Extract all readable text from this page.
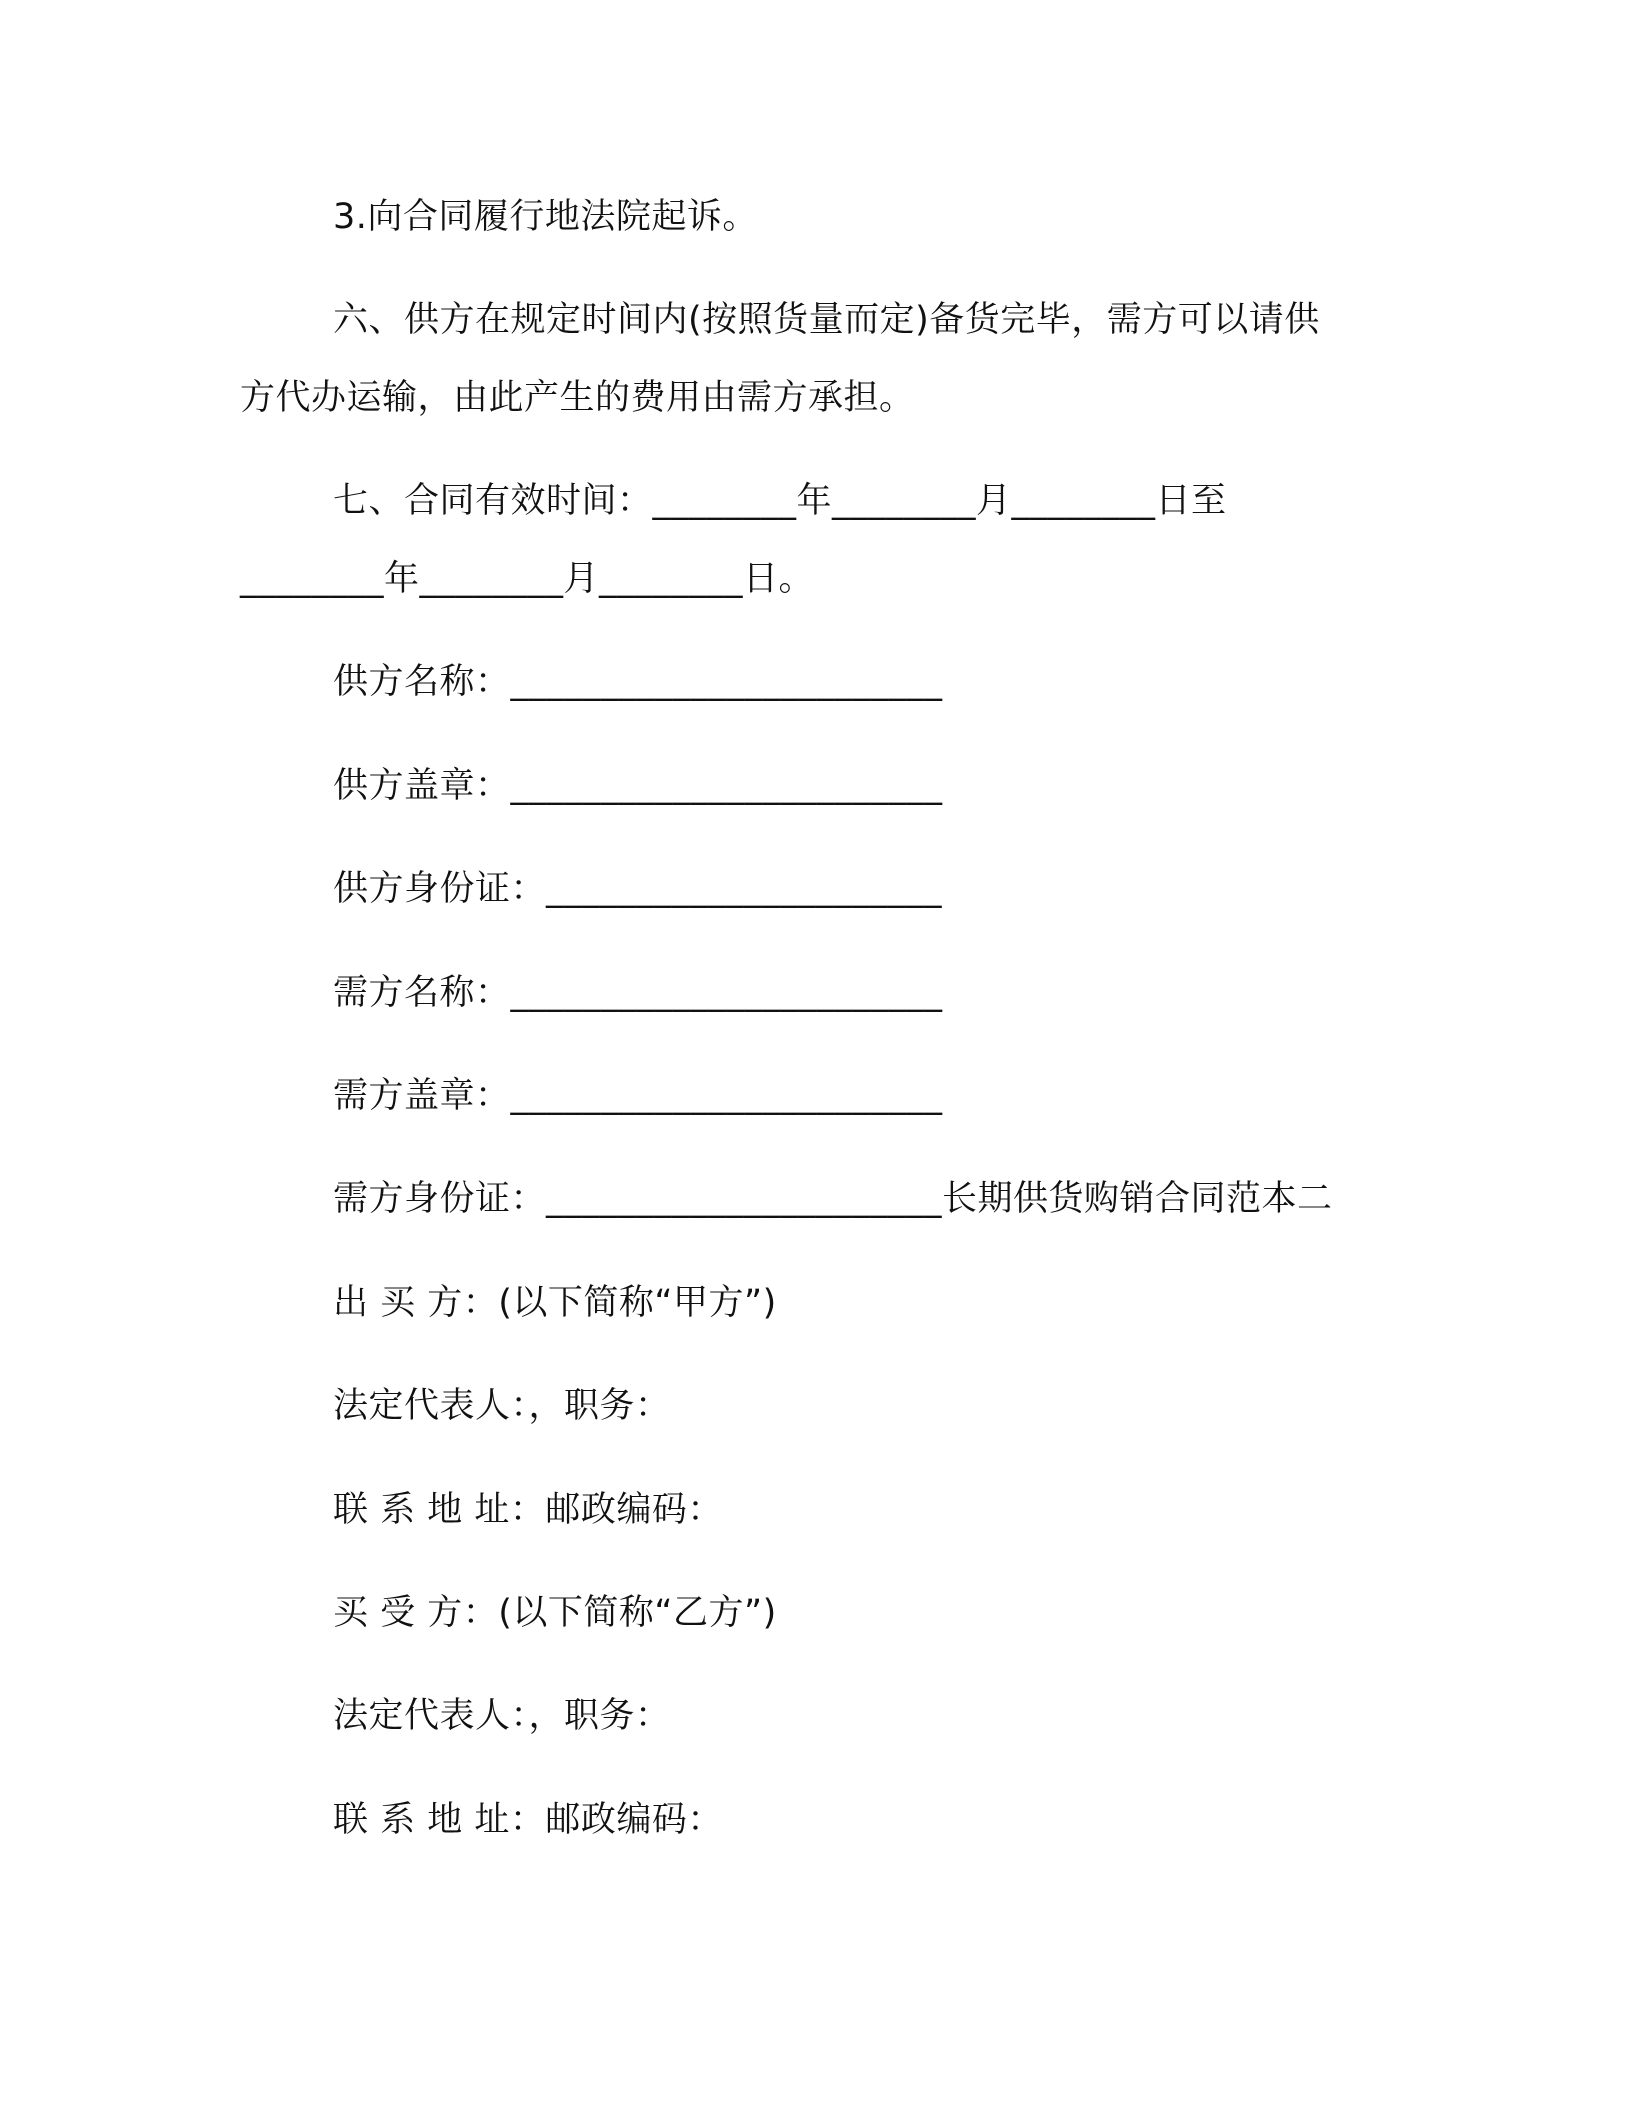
3.向合同履行地法院起诉。
六、供方在规定时间内(按照货量而定)备货完毕，需方可以请供
方代办运输，由此产生的费用由需方承担。
七、合同有效时间：________年________月________日至
________年________月________日。
供方名称：________________________
供方盖章：________________________
供方身份证：______________________
需方名称：________________________
需方盖章：________________________
需方身份证：______________________长期供货购销合同范本二
出 买 方：(以下简称“甲方”)
法定代表人：，职务：
联 系 地 址：邮政编码：
买 受 方：(以下简称“乙方”)
法定代表人：，职务：
联 系 地 址：邮政编码：
